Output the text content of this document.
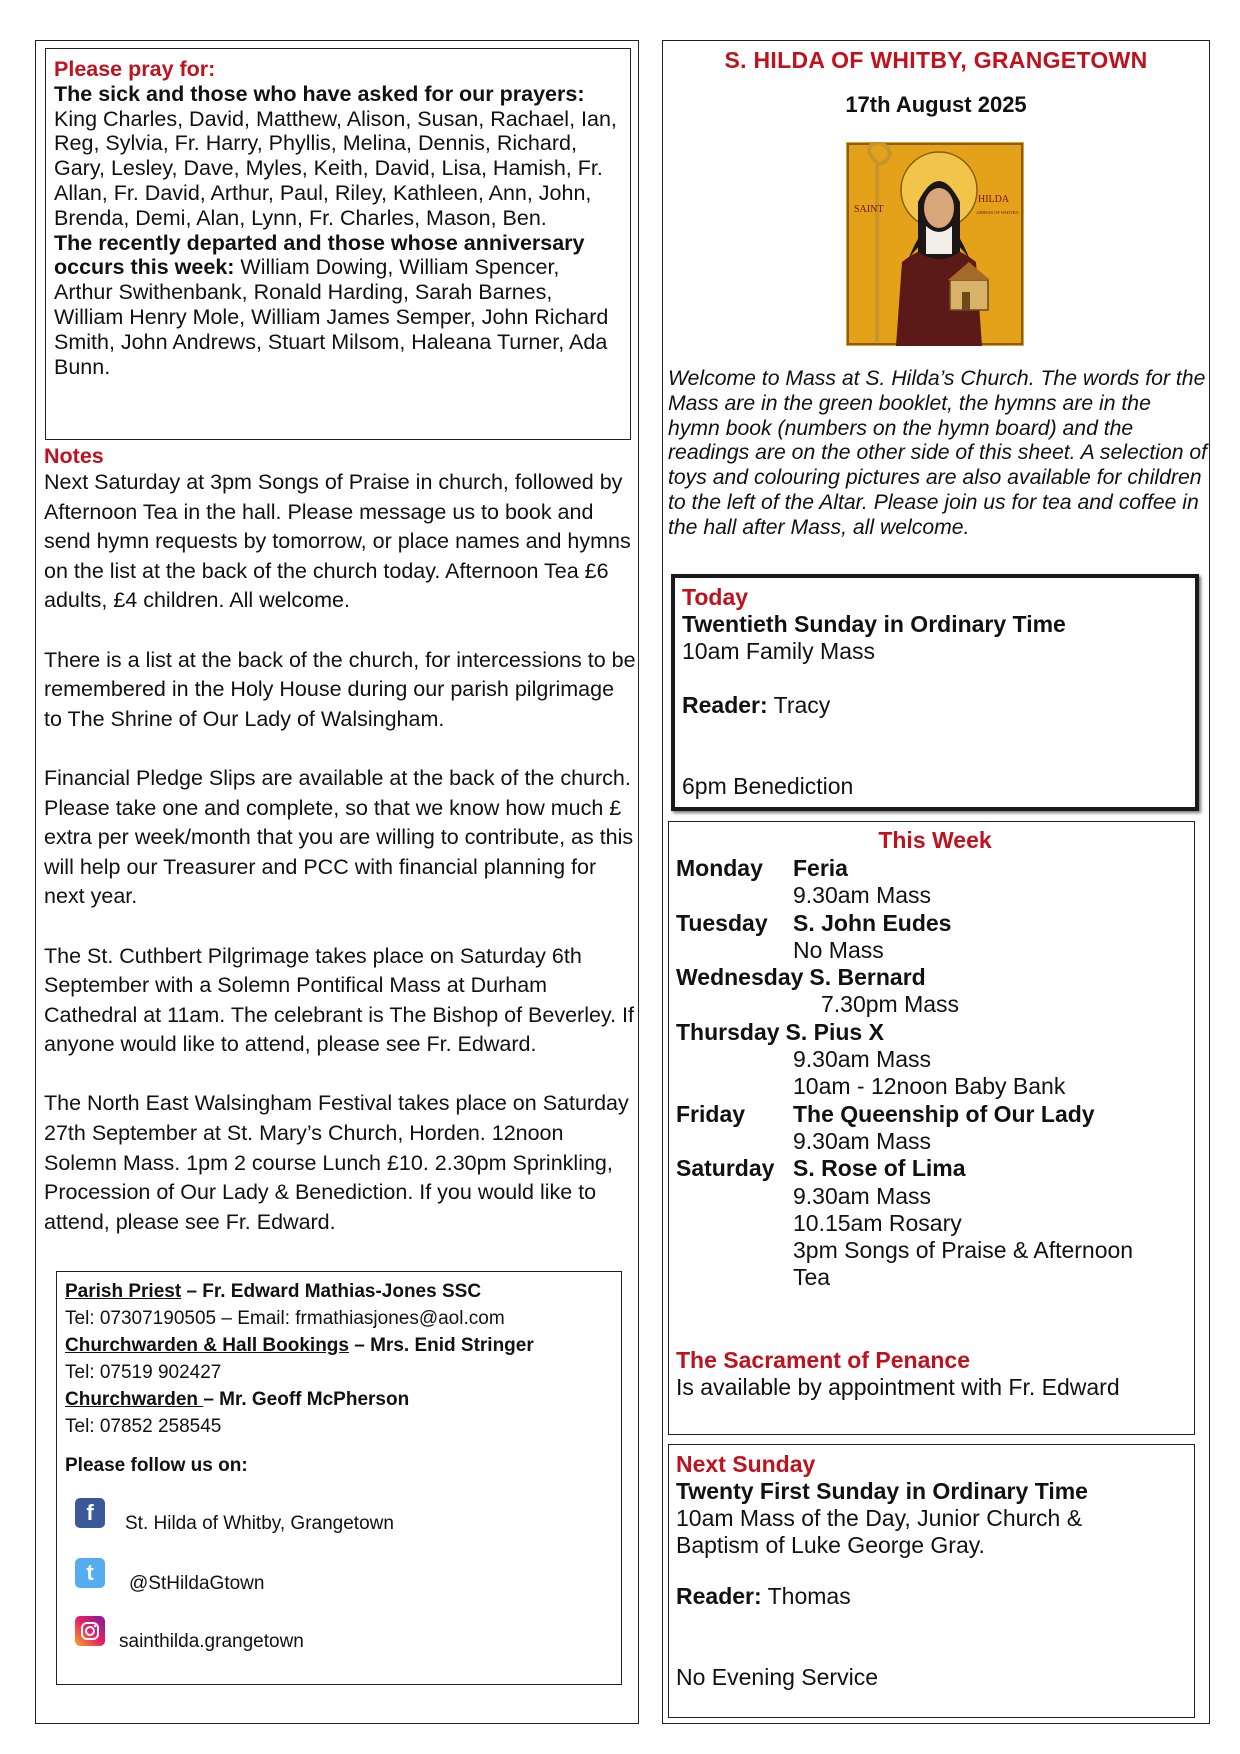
Please pray for:

The sick and those who have asked for our prayers: King Charles, David, Matthew, Alison, Susan, Rachael, Ian, Reg, Sylvia, Fr. Harry, Phyllis, Melina, Dennis, Richard, Gary, Lesley, Dave, Myles, Keith, David, Lisa, Hamish, Fr. Allan, Fr. David, Arthur, Paul, Riley, Kathleen, Ann, John, Brenda, Demi, Alan, Lynn, Fr. Charles, Mason, Ben.

The recently departed and those whose anniversary occurs this week: William Dowing, William Spencer, Arthur Swithenbank, Ronald Harding, Sarah Barnes, William Henry Mole, William James Semper, John Richard Smith, John Andrews, Stuart Milsom, Haleana Turner, Ada Bunn.

Notes
Next Saturday at 3pm Songs of Praise in church, followed by Afternoon Tea in the hall. Please message us to book and send hymn requests by tomorrow, or place names and hymns on the list at the back of the church today. Afternoon Tea £6 adults, £4 children. All welcome.
There is a list at the back of the church, for intercessions to be remembered in the Holy House during our parish pilgrimage to The Shrine of Our Lady of Walsingham.
Financial Pledge Slips are available at the back of the church. Please take one and complete, so that we know how much £ extra per week/month that you are willing to contribute, as this will help our Treasurer and PCC with financial planning for next year.
The St. Cuthbert Pilgrimage takes place on Saturday 6th September with a Solemn Pontifical Mass at Durham Cathedral at 11am. The celebrant is The Bishop of Beverley. If anyone would like to attend, please see Fr. Edward.
The North East Walsingham Festival takes place on Saturday 27th September at St. Mary’s Church, Horden. 12noon Solemn Mass. 1pm 2 course Lunch £10. 2.30pm Sprinkling, Procession of Our Lady & Benediction. If you would like to attend, please see Fr. Edward.
Parish Priest – Fr. Edward Mathias-Jones SSC
Tel: 07307190505 – Email: frmathiasjones@aol.com
Churchwarden & Hall Bookings – Mrs. Enid Stringer
Tel: 07519 902427
Churchwarden – Mr. Geoff McPherson
Tel: 07852 258545
Please follow us on:
f	St. Hilda of Whitby, Grangetown
t	@StHildaGtown
sainthilda.grangetown
S. HILDA OF WHITBY, GRANGETOWN
17th August 2025
SAINT
HILDA
ABBESS OF WHITBY
Welcome to Mass at S. Hilda’s Church. The words for the Mass are in the green booklet, the hymns are in the hymn book (numbers on the hymn board) and the readings are on the other side of this sheet. A selection of toys and colouring pictures are also available for children to the left of the Altar. Please join us for tea and coffee in the hall after Mass, all welcome.
Today
Twentieth Sunday in Ordinary Time
10am Family Mass
Reader: Tracy
6pm Benediction
This Week
Monday	Feria
9.30am Mass
Tuesday	S. John Eudes
No Mass
Wednesday S. Bernard
7.30pm Mass
Thursday S. Pius X
9.30am Mass
10am - 12noon Baby Bank
Friday	The Queenship of Our Lady
9.30am Mass
Saturday S. Rose of Lima
9.30am Mass
10.15am Rosary
3pm Songs of Praise & Afternoon Tea
The Sacrament of Penance
Is available by appointment with Fr. Edward
Next Sunday
Twenty First Sunday in Ordinary Time
10am Mass of the Day, Junior Church & Baptism of Luke George Gray.
Reader: Thomas
No Evening Service
